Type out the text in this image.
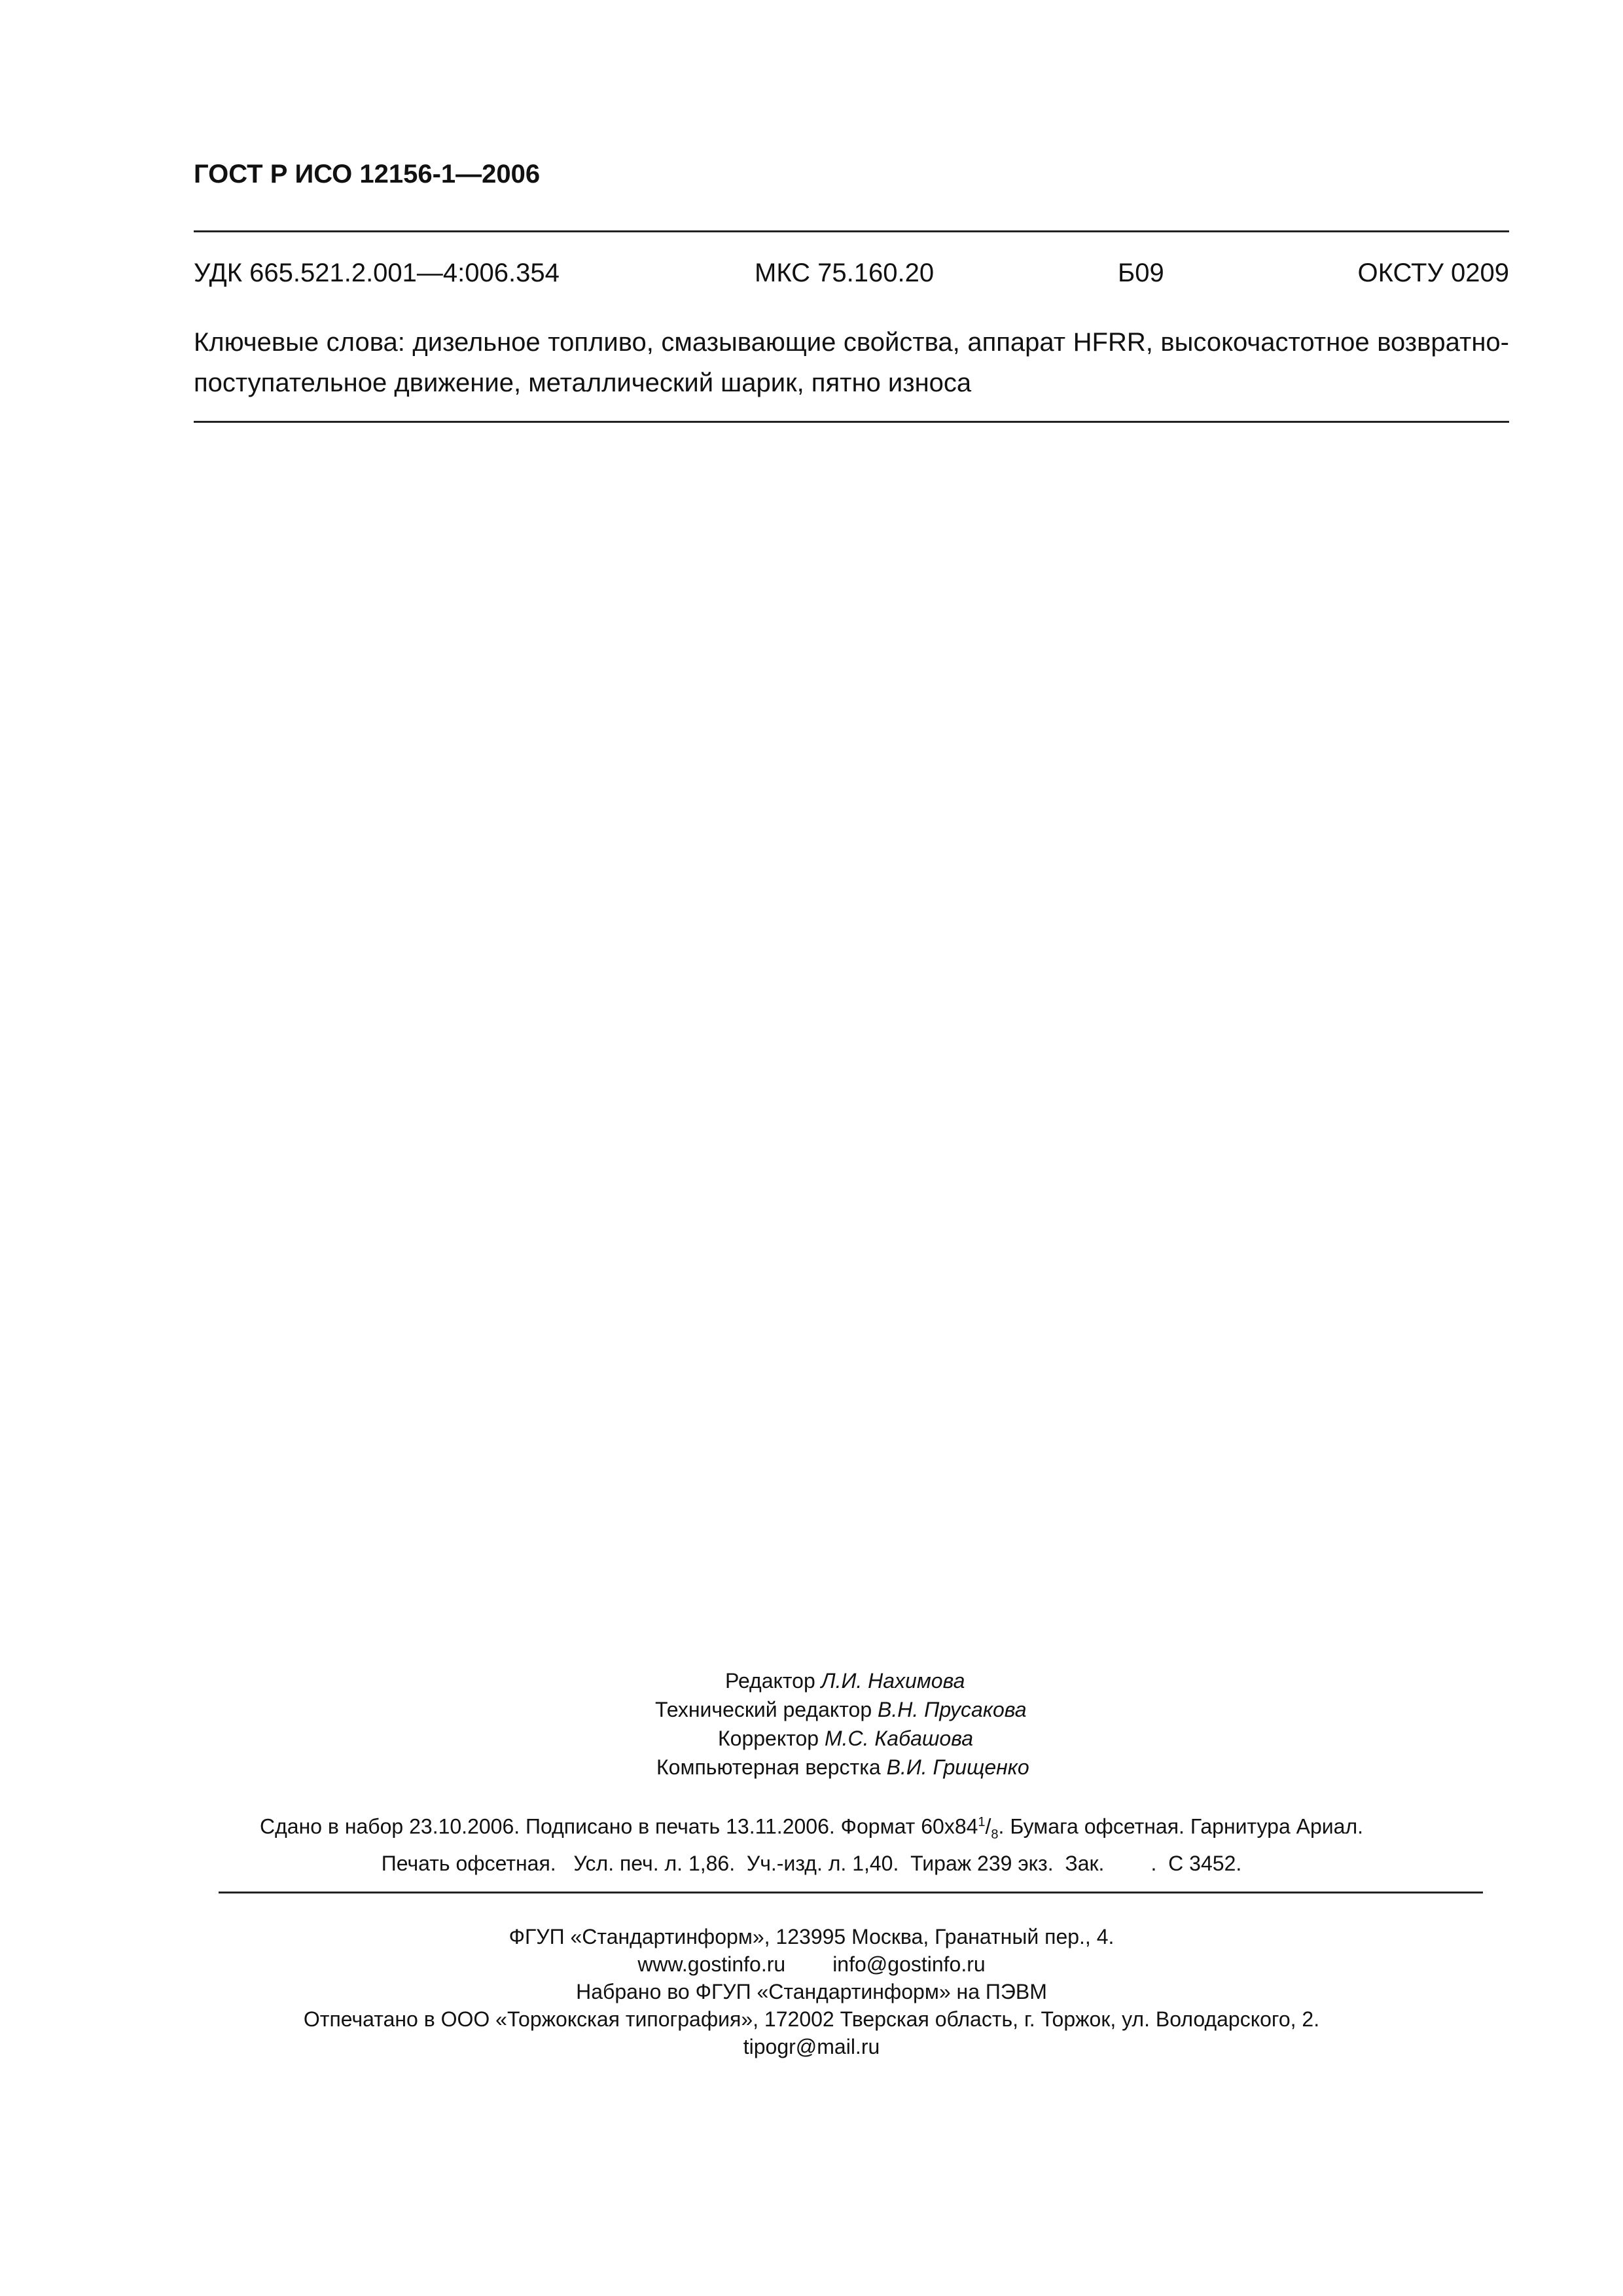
ГОСТ Р ИСО 12156-1—2006
УДК 665.521.2.001—4:006.354	МКС 75.160.20	Б09	ОКСТУ 0209
Ключевые слова: дизельное топливо, смазывающие свойства, аппарат HFRR, высокочастотное возвратно-поступательное движение, металлический шарик, пятно износа
Редактор Л.И. Нахимова
Технический редактор В.Н. Прусакова
Корректор М.С. Кабашова
Компьютерная верстка В.И. Грищенко
Сдано в набор 23.10.2006. Подписано в печать 13.11.2006. Формат $60x84^1/_8$. Бумага офсетная. Гарнитура Ариал.
Печать офсетная.   Усл. печ. л. 1,86.  Уч.-изд. л. 1,40.  Тираж 239 экз.  Зак.        .  С 3452.
ФГУП «Стандартинформ», 123995 Москва, Гранатный пер., 4.
www.gostinfo.ru info@gostinfo.ru
Набрано во ФГУП «Стандартинформ» на ПЭВМ
Отпечатано в ООО «Торжокская типография», 172002 Тверская область, г. Торжок, ул. Володарского, 2.
tipogr@mail.ru
